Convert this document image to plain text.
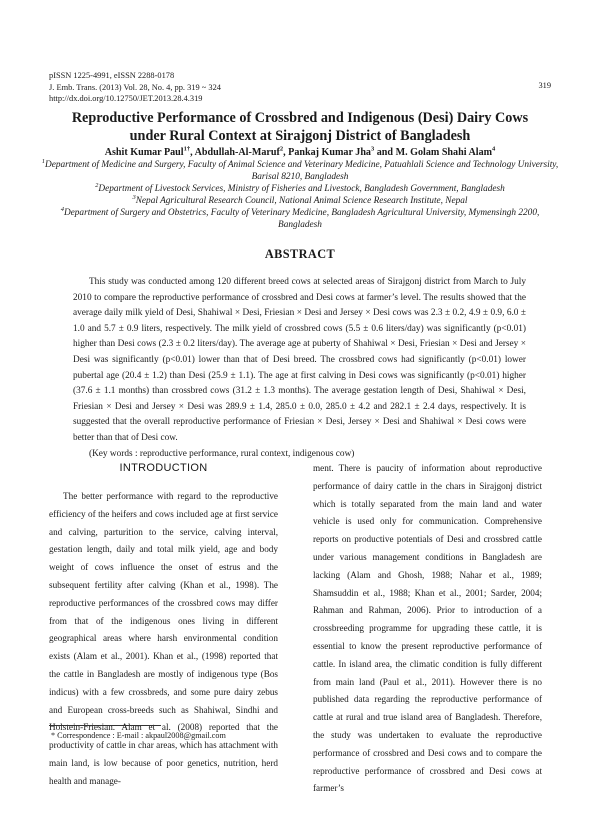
pISSN 1225-4991, eISSN 2288-0178
J. Emb. Trans. (2013) Vol. 28, No. 4, pp. 319 ~ 324
http://dx.doi.org/10.12750/JET.2013.28.4.319
319
Reproductive Performance of Crossbred and Indigenous (Desi) Dairy Cows
under Rural Context at Sirajgonj District of Bangladesh
Ashit Kumar Paul$^{1\dagger}$, Abdullah-Al-Maruf$^2$, Pankaj Kumar Jha$^3$ and M. Golam Shahi Alam$^4$
$^1$Department of Medicine and Surgery, Faculty of Animal Science and Veterinary Medicine, Patuahlali Science and Technology University, Barisal 8210, Bangladesh
$^2$Department of Livestock Services, Ministry of Fisheries and Livestock, Bangladesh Government, Bangladesh
$^3$Nepal Agricultural Research Council, National Animal Science Research Institute, Nepal
$^4$Department of Surgery and Obstetrics, Faculty of Veterinary Medicine, Bangladesh Agricultural University, Mymensingh 2200, Bangladesh
ABSTRACT

This study was conducted among 120 different breed cows at selected areas of Sirajgonj district from March to July 2010 to compare the reproductive performance of crossbred and Desi cows at farmer’s level. The results showed that the average daily milk yield of Desi, Shahiwal × Desi, Friesian × Desi and Jersey × Desi cows was 2.3 ± 0.2, 4.9 ± 0.9, 6.0 ± 1.0 and 5.7 ± 0.9 liters, respectively. The milk yield of crossbred cows (5.5 ± 0.6 liters/day) was significantly (p<0.01) higher than Desi cows (2.3 ± 0.2 liters/day). The average age at puberty of Shahiwal × Desi, Friesian × Desi and Jersey × Desi was significantly (p<0.01) lower than that of Desi breed. The crossbred cows had significantly (p<0.01) lower pubertal age (20.4 ± 1.2) than Desi (25.9 ± 1.1). The age at first calving in Desi cows was significantly (p<0.01) higher (37.6 ± 1.1 months) than crossbred cows (31.2 ± 1.3 months). The average gestation length of Desi, Shahiwal × Desi, Friesian × Desi and Jersey × Desi was 289.9 ± 1.4, 285.0 ± 0.0, 285.0 ± 4.2 and 282.1 ± 2.4 days, respectively. It is suggested that the overall reproductive performance of Friesian × Desi, Jersey × Desi and Shahiwal × Desi cows were better than that of Desi cow.

(Key words : reproductive performance, rural context, indigenous cow)

INTRODUCTION

The better performance with regard to the reproductive efficiency of the heifers and cows included age at first service and calving, parturition to the service, calving interval, gestation length, daily and total milk yield, age and body weight of cows influence the onset of estrus and the subsequent fertility after calving (Khan et al., 1998). The reproductive performances of the crossbred cows may differ from that of the indigenous ones living in different geographical areas where harsh environmental condition exists (Alam et al., 2001). Khan et al., (1998) reported that the cattle in Bangladesh are mostly of indigenous type (Bos indicus) with a few crossbreds, and some pure dairy zebus and European cross-breeds such as Shahiwal, Sindhi and Holstein-Friesian. Alam et al. (2008) reported that the productivity of cattle in char areas, which has attachment with main land, is low because of poor genetics, nutrition, herd health and manage-

ment. There is paucity of information about reproductive performance of dairy cattle in the chars in Sirajgonj district which is totally separated from the main land and water vehicle is used only for communication. Comprehensive reports on productive potentials of Desi and crossbred cattle under various management conditions in Bangladesh are lacking (Alam and Ghosh, 1988; Nahar et al., 1989; Shamsuddin et al., 1988; Khan et al., 2001; Sarder, 2004; Rahman and Rahman, 2006). Prior to introduction of a crossbreeding programme for upgrading these cattle, it is essential to know the present reproductive performance of cattle. In island area, the climatic condition is fully different from main land (Paul et al., 2011). However there is no published data regarding the reproductive performance of cattle at rural and true island area of Bangladesh. Therefore, the study was undertaken to evaluate the reproductive performance of crossbred and Desi cows and to compare the reproductive performance of crossbred and Desi cows at farmer’s

* Correspondence : E-mail : akpaul2008@gmail.com
